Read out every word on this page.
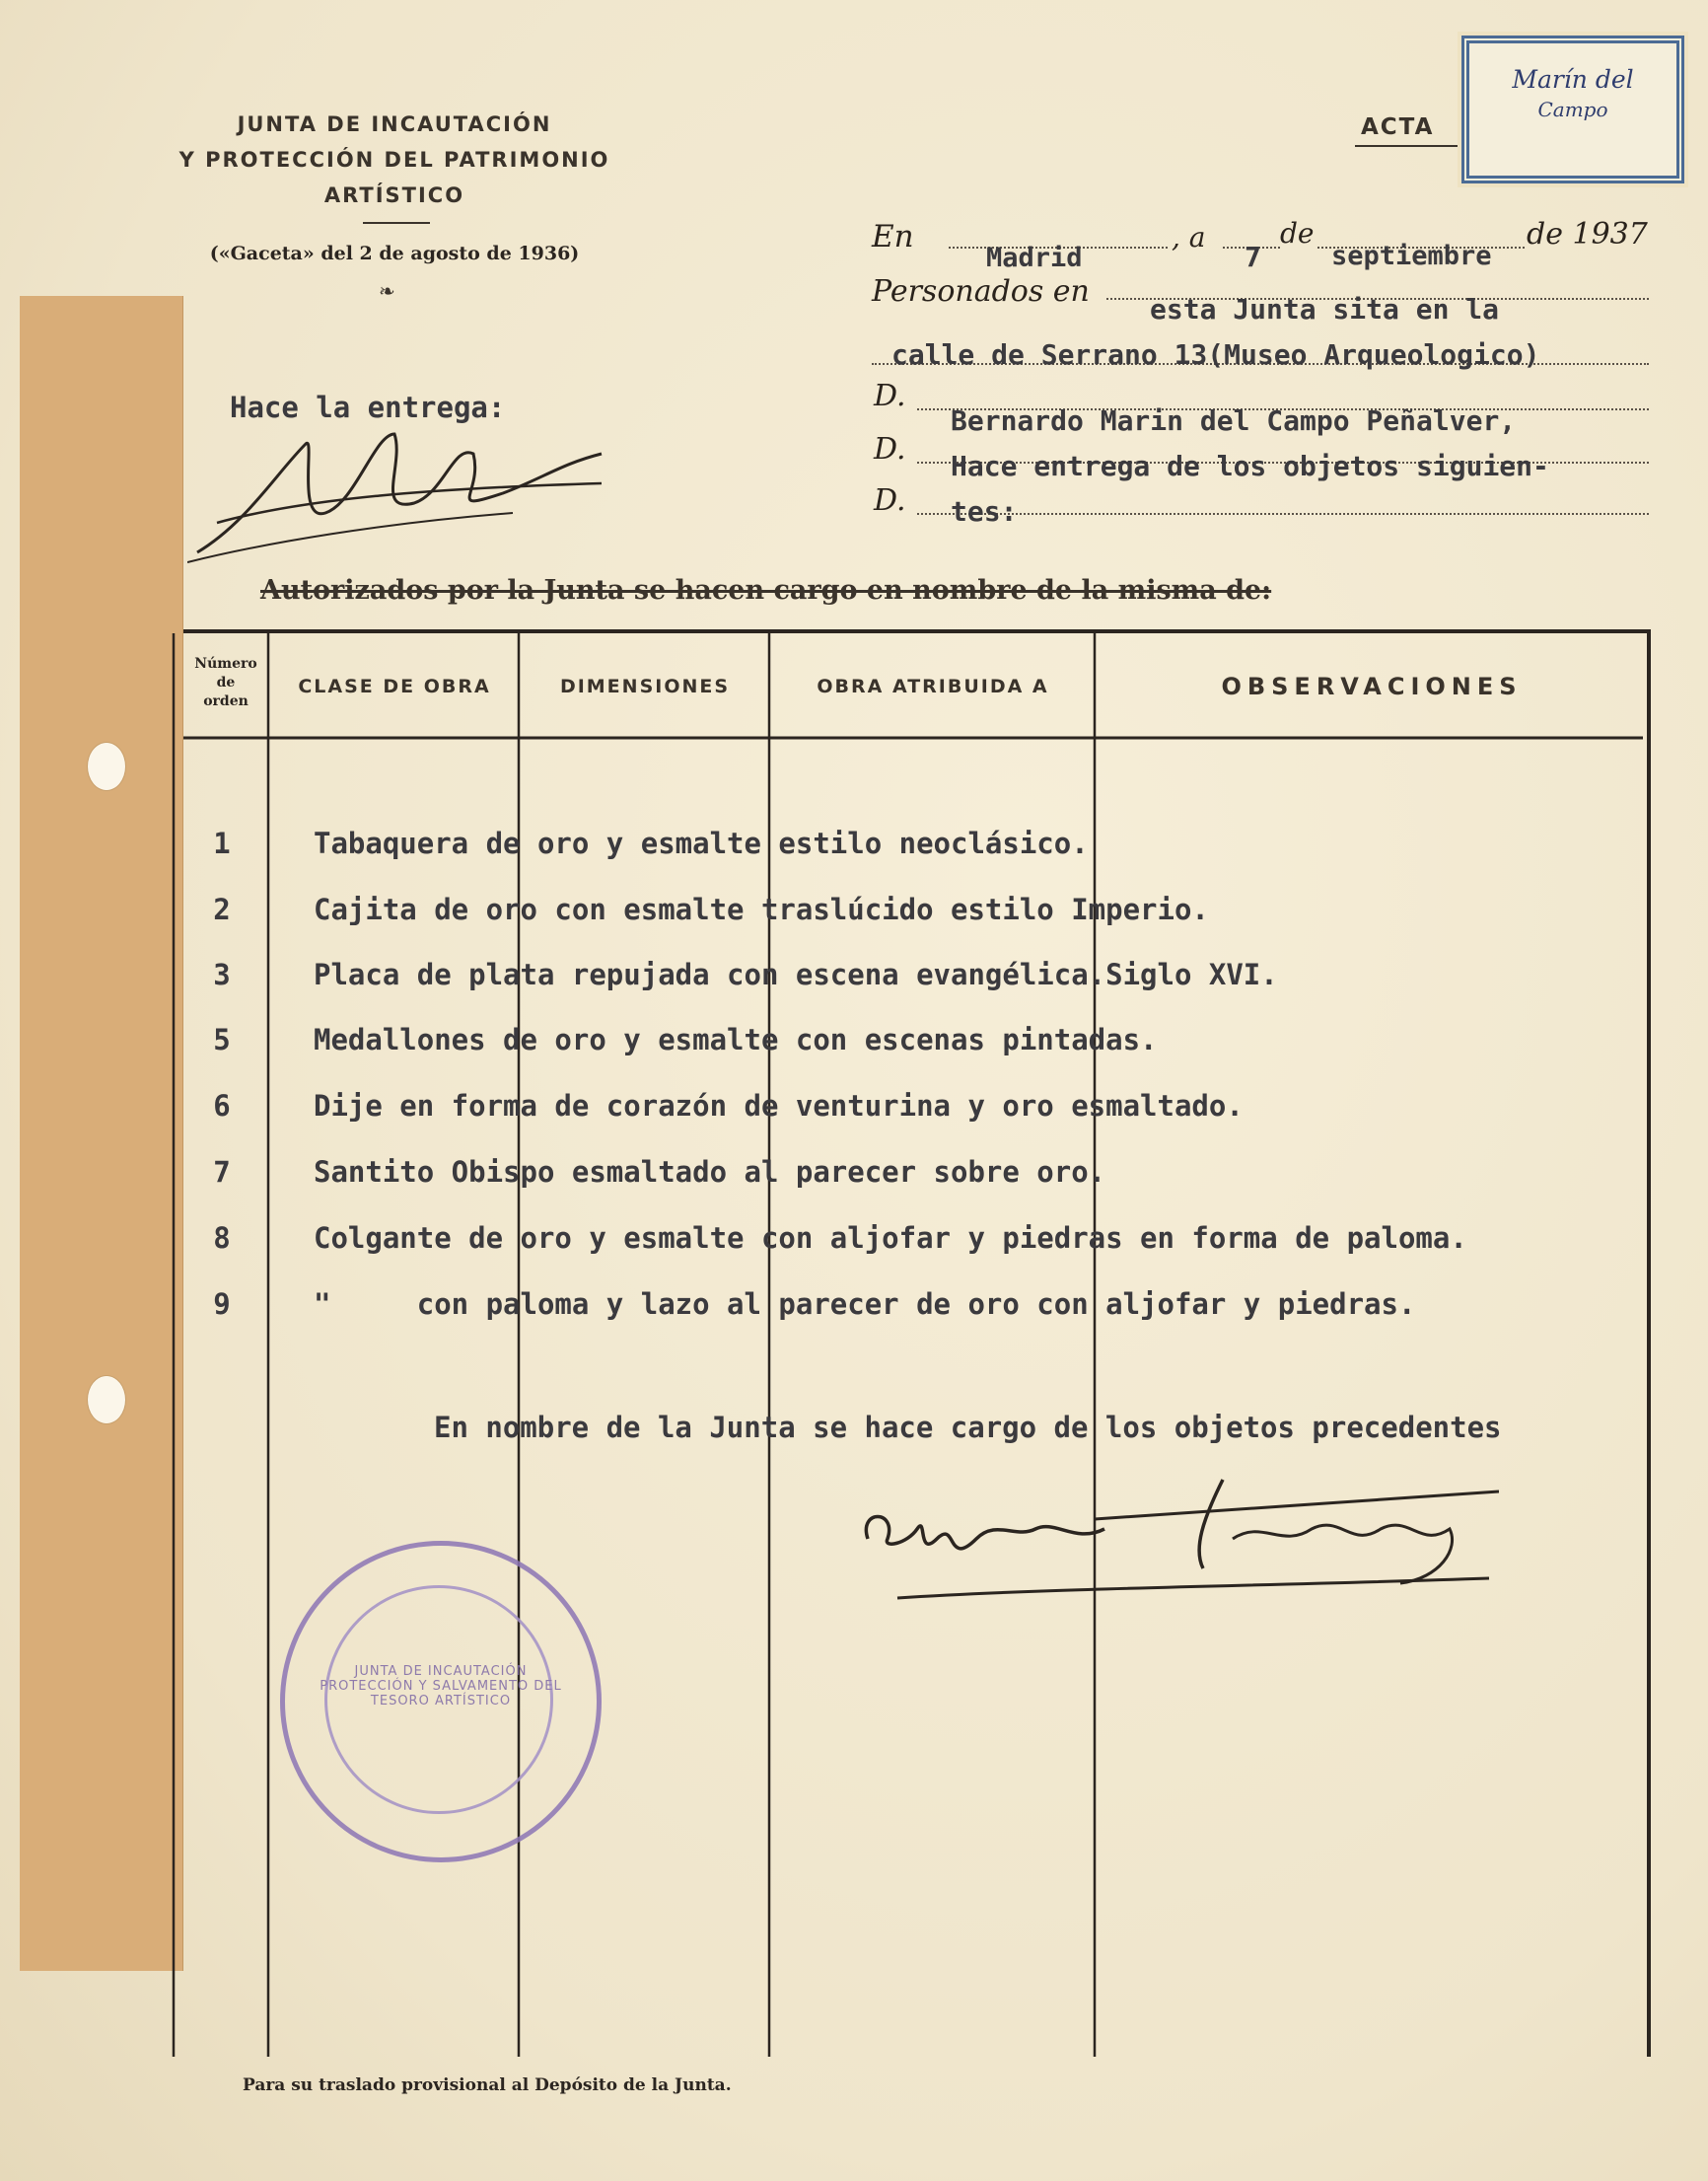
JUNTA DE INCAUTACIÓN
Y PROTECCIÓN DEL PATRIMONIO
ARTÍSTICO
(«Gaceta» del 2 de agosto de 1936)
❧
ACTA
Marín del
Campo
En
Madrid
, a
7
de
septiembre
de 1937
Personados en
esta Junta sita en la
calle de Serrano 13(Museo Arqueologico)
D.
Bernardo Marin del Campo Peñalver,
D. Hace entrega de los objetos siguien-
D. tes:
Hace la entrega:
Autorizados por la Junta se hacen cargo en nombre de la misma de:
Número
de
orden
CLASE DE OBRA	DIMENSIONES	OBRA ATRIBUIDA A	OBSERVACIONES
1	Tabaquera de oro y esmalte estilo neoclásico.
2	Cajita de oro con esmalte traslúcido estilo Imperio.
3	Placa de plata repujada con escena evangélica.Siglo XVI.
5	Medallones de oro y esmalte con escenas pintadas.
6	Dije en forma de corazón de venturina y oro esmaltado.
7	Santito Obispo esmaltado al parecer sobre oro.
8	Colgante de oro y esmalte con aljofar y piedras en forma de paloma.
9	"     con paloma y lazo al parecer de oro con aljofar y piedras.
En nombre de la Junta se hace cargo de los objetos precedentes
JUNTA DE INCAUTACIÓN PROTECCIÓN Y SALVAMENTO DEL TESORO ARTÍSTICO
Para su traslado provisional al Depósito de la Junta.
